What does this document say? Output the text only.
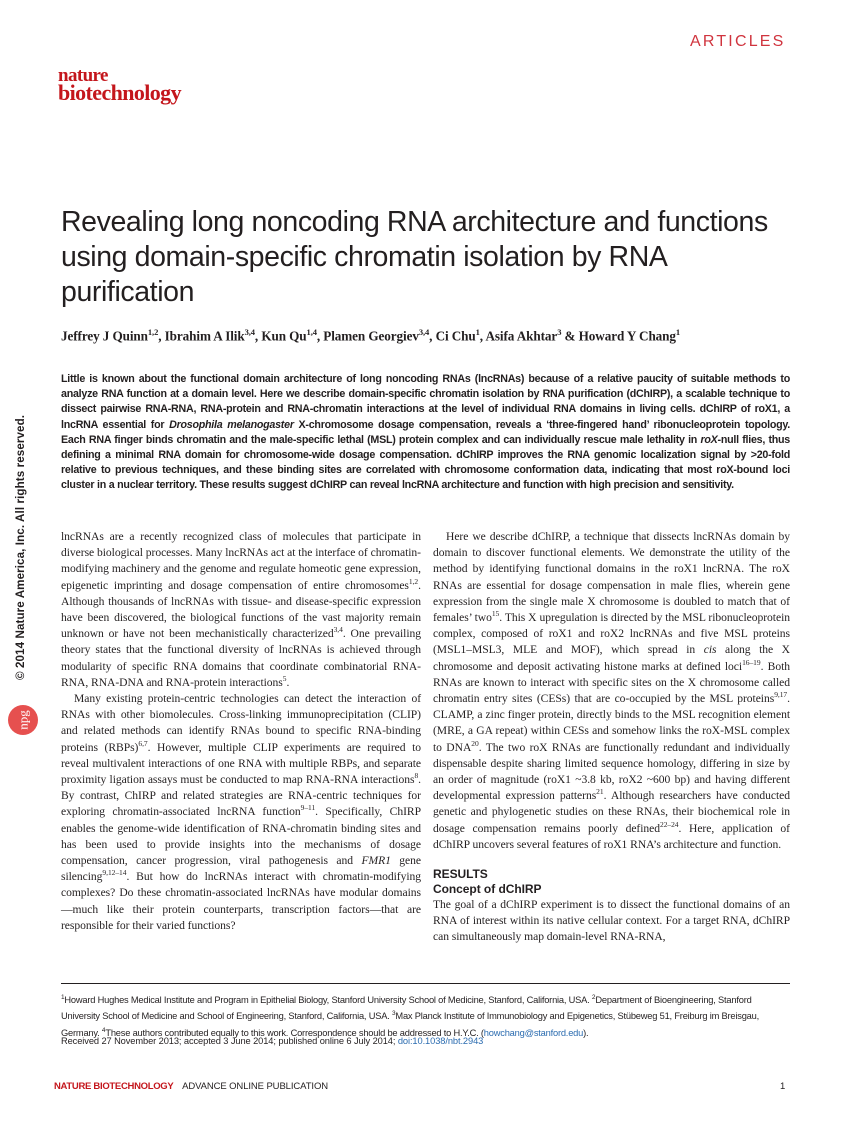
ARTICLES
nature
biotechnology
Revealing long noncoding RNA architecture and functions using domain-specific chromatin isolation by RNA purification
Jeffrey J Quinn$^{1,2}$, Ibrahim A Ilik$^{3,4}$, Kun Qu$^{1,4}$, Plamen Georgiev$^{3,4}$, Ci Chu$^1$, Asifa Akhtar$^3$ & Howard Y Chang$^1$
Little is known about the functional domain architecture of long noncoding RNAs (lncRNAs) because of a relative paucity of suitable methods to analyze RNA function at a domain level. Here we describe domain-specific chromatin isolation by RNA purification (dChIRP), a scalable technique to dissect pairwise RNA-RNA, RNA-protein and RNA-chromatin interactions at the level of individual RNA domains in living cells. dChIRP of roX1, a lncRNA essential for Drosophila melanogaster X-chromosome dosage compensation, reveals a ‘three-fingered hand’ ribonucleoprotein topology. Each RNA finger binds chromatin and the male-specific lethal (MSL) protein complex and can individually rescue male lethality in roX-null flies, thus defining a minimal RNA domain for chromosome-wide dosage compensation. dChIRP improves the RNA genomic localization signal by >20-fold relative to previous techniques, and these binding sites are correlated with chromosome conformation data, indicating that most roX-bound loci cluster in a nuclear territory. These results suggest dChIRP can reveal lncRNA architecture and function with high precision and sensitivity.
© 2014 Nature America, Inc. All rights reserved.
npg

lncRNAs are a recently recognized class of molecules that participate in diverse biological processes. Many lncRNAs act at the interface of chromatin-modifying machinery and the genome and regulate homeotic gene expression, epigenetic imprinting and dosage compensation of entire chromosomes$^{1,2}$. Although thousands of lncRNAs with tissue- and disease-specific expression have been discovered, the biological functions of the vast majority remain unknown or have not been mechanistically characterized$^{3,4}$. One prevailing theory states that the functional diversity of lncRNAs is achieved through modularity of specific RNA domains that coordinate combinatorial RNA-RNA, RNA-DNA and RNA-protein interactions$^5$.

Many existing protein-centric technologies can detect the interaction of RNAs with other biomolecules. Cross-linking immunoprecipitation (CLIP) and related methods can identify RNAs bound to specific RNA-binding proteins (RBPs)$^{6,7}$. However, multiple CLIP experiments are required to reveal multivalent interactions of one RNA with multiple RBPs, and separate proximity ligation assays must be conducted to map RNA-RNA interactions$^8$. By contrast, ChIRP and related strategies are RNA-centric techniques for exploring chromatin-associated lncRNA function$^{9-11}$. Specifically, ChIRP enables the genome-wide identification of RNA-chromatin binding sites and has been used to provide insights into the mechanisms of dosage compensation, cancer progression, viral pathogenesis and FMR1 gene silencing$^{9,12-14}$. But how do lncRNAs interact with chromatin-modifying complexes? Do these chromatin-associated lncRNAs have modular domains—much like their protein counterparts, transcription factors—that are responsible for their varied functions?

Here we describe dChIRP, a technique that dissects lncRNAs domain by domain to discover functional elements. We demonstrate the utility of the method by identifying functional domains in the roX1 lncRNA. The roX RNAs are essential for dosage compensation in male flies, wherein gene expression from the single male X chromosome is doubled to match that of females’ two$^{15}$. This X upregulation is directed by the MSL ribonucleoprotein complex, composed of roX1 and roX2 lncRNAs and five MSL proteins (MSL1–MSL3, MLE and MOF), which spread in cis along the X chromosome and deposit activating histone marks at defined loci$^{16-19}$. Both RNAs are known to interact with specific sites on the X chromosome called chromatin entry sites (CESs) that are co-occupied by the MSL proteins$^{9,17}$. CLAMP, a zinc finger protein, directly binds to the MSL recognition element (MRE, a GA repeat) within CESs and somehow links the roX-MSL complex to DNA$^{20}$. The two roX RNAs are functionally redundant and individually dispensable despite sharing limited sequence homology, differing in size by an order of magnitude (roX1 ~3.8 kb, roX2 ~600 bp) and having different developmental expression patterns$^{21}$. Although researchers have conducted genetic and phylogenetic studies on these RNAs, their biochemical role in dosage compensation remains poorly defined$^{22-24}$. Here, application of dChIRP uncovers several features of roX1 RNA’s architecture and function.

RESULTS
Concept of dChIRP

The goal of a dChIRP experiment is to dissect the functional domains of an RNA of interest within its native cellular context. For a target RNA, dChIRP can simultaneously map domain-level RNA-RNA,

$^1$Howard Hughes Medical Institute and Program in Epithelial Biology, Stanford University School of Medicine, Stanford, California, USA. $^2$Department of Bioengineering, Stanford University School of Medicine and School of Engineering, Stanford, California, USA. $^3$Max Planck Institute of Immunobiology and Epigenetics, Stübeweg 51, Freiburg im Breisgau, Germany. $^4$These authors contributed equally to this work. Correspondence should be addressed to H.Y.C. (howchang@stanford.edu).
Received 27 November 2013; accepted 3 June 2014; published online 6 July 2014; doi:10.1038/nbt.2943
NATURE BIOTECHNOLOGY ADVANCE ONLINE PUBLICATION	1
